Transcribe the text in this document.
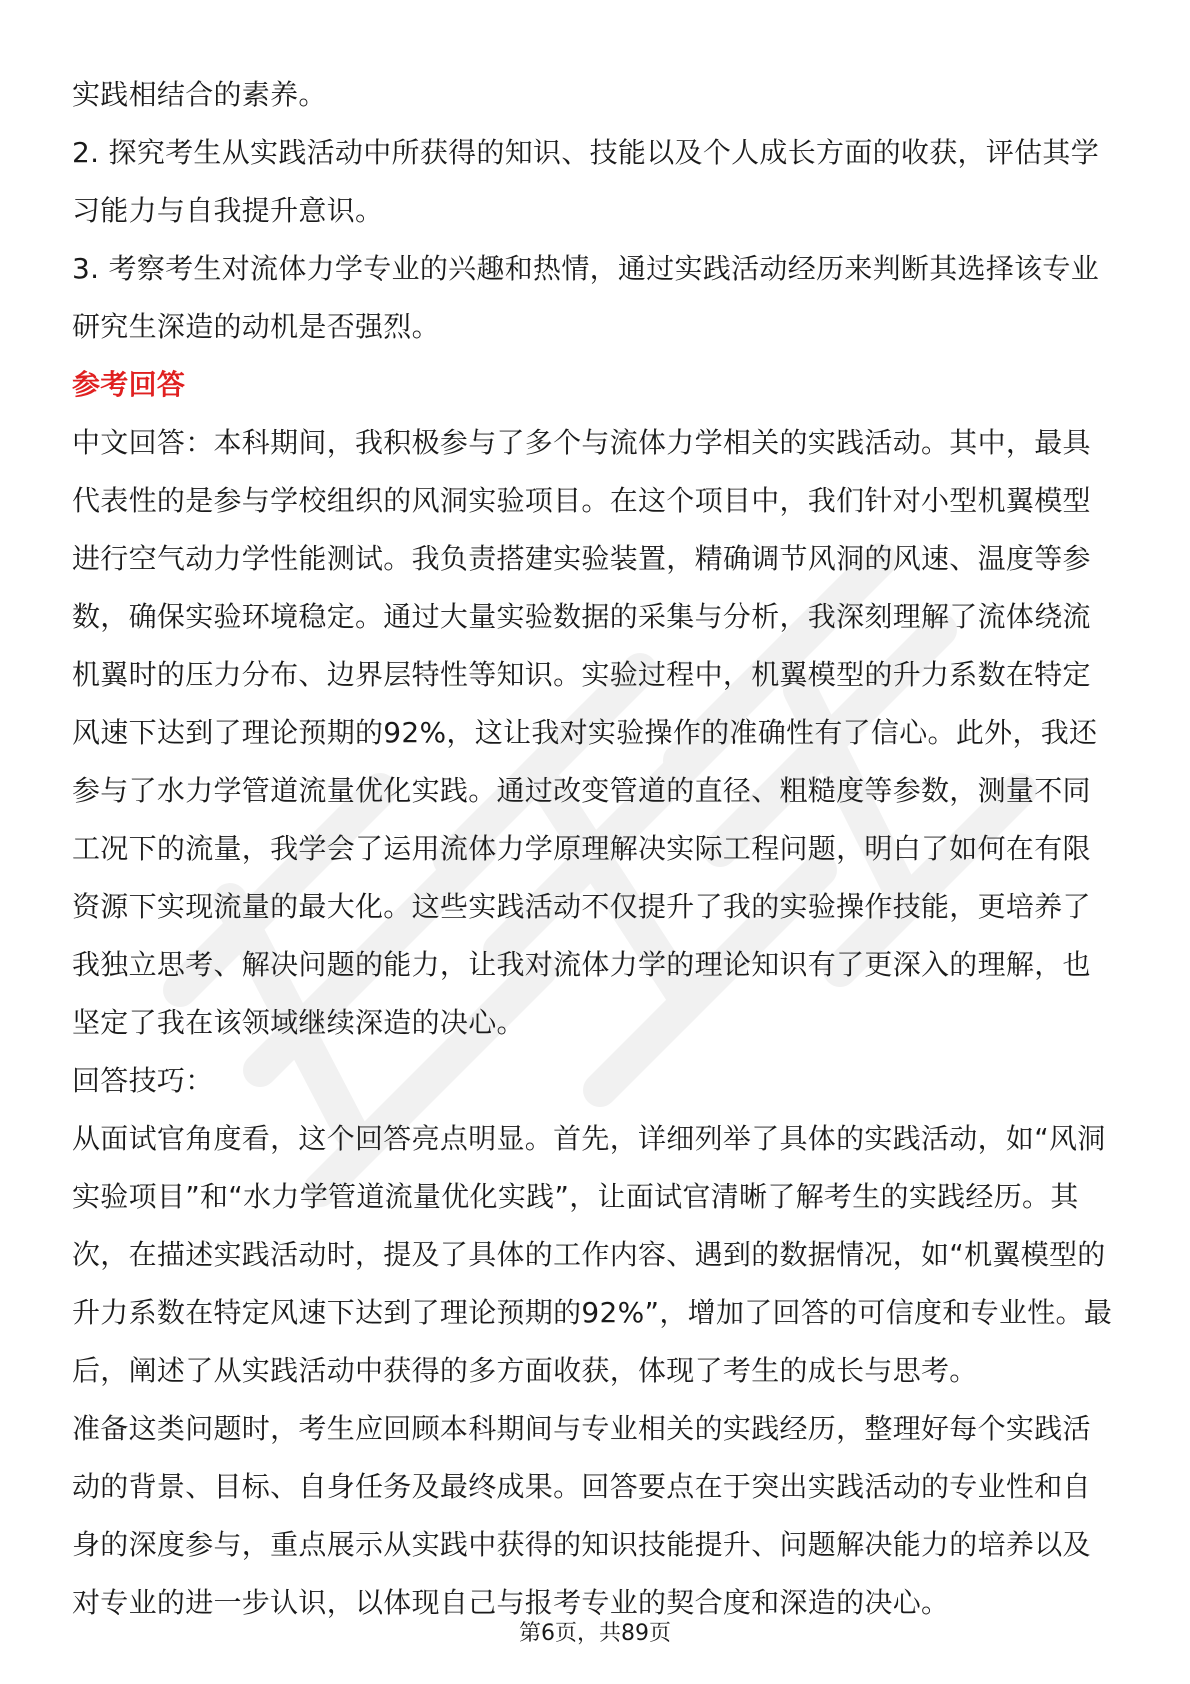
实践相结合的素养。
2. 探究考生从实践活动中所获得的知识、技能以及个人成长方面的收获，评估其学
习能力与自我提升意识。
3. 考察考生对流体力学专业的兴趣和热情，通过实践活动经历来判断其选择该专业
研究生深造的动机是否强烈。
参考回答
中文回答：本科期间，我积极参与了多个与流体力学相关的实践活动。其中，最具
代表性的是参与学校组织的风洞实验项目。在这个项目中，我们针对小型机翼模型
进行空气动力学性能测试。我负责搭建实验装置，精确调节风洞的风速、温度等参
数，确保实验环境稳定。通过大量实验数据的采集与分析，我深刻理解了流体绕流
机翼时的压力分布、边界层特性等知识。实验过程中，机翼模型的升力系数在特定
风速下达到了理论预期的92%，这让我对实验操作的准确性有了信心。此外，我还
参与了水力学管道流量优化实践。通过改变管道的直径、粗糙度等参数，测量不同
工况下的流量，我学会了运用流体力学原理解决实际工程问题，明白了如何在有限
资源下实现流量的最大化。这些实践活动不仅提升了我的实验操作技能，更培养了
我独立思考、解决问题的能力，让我对流体力学的理论知识有了更深入的理解，也
坚定了我在该领域继续深造的决心。
回答技巧：
从面试官角度看，这个回答亮点明显。首先，详细列举了具体的实践活动，如“风洞
实验项目”和“水力学管道流量优化实践”，让面试官清晰了解考生的实践经历。其
次，在描述实践活动时，提及了具体的工作内容、遇到的数据情况，如“机翼模型的
升力系数在特定风速下达到了理论预期的92%”，增加了回答的可信度和专业性。最
后，阐述了从实践活动中获得的多方面收获，体现了考生的成长与思考。
准备这类问题时，考生应回顾本科期间与专业相关的实践经历，整理好每个实践活
动的背景、目标、自身任务及最终成果。回答要点在于突出实践活动的专业性和自
身的深度参与，重点展示从实践中获得的知识技能提升、问题解决能力的培养以及
对专业的进一步认识，以体现自己与报考专业的契合度和深造的决心。
第6页，共89页
